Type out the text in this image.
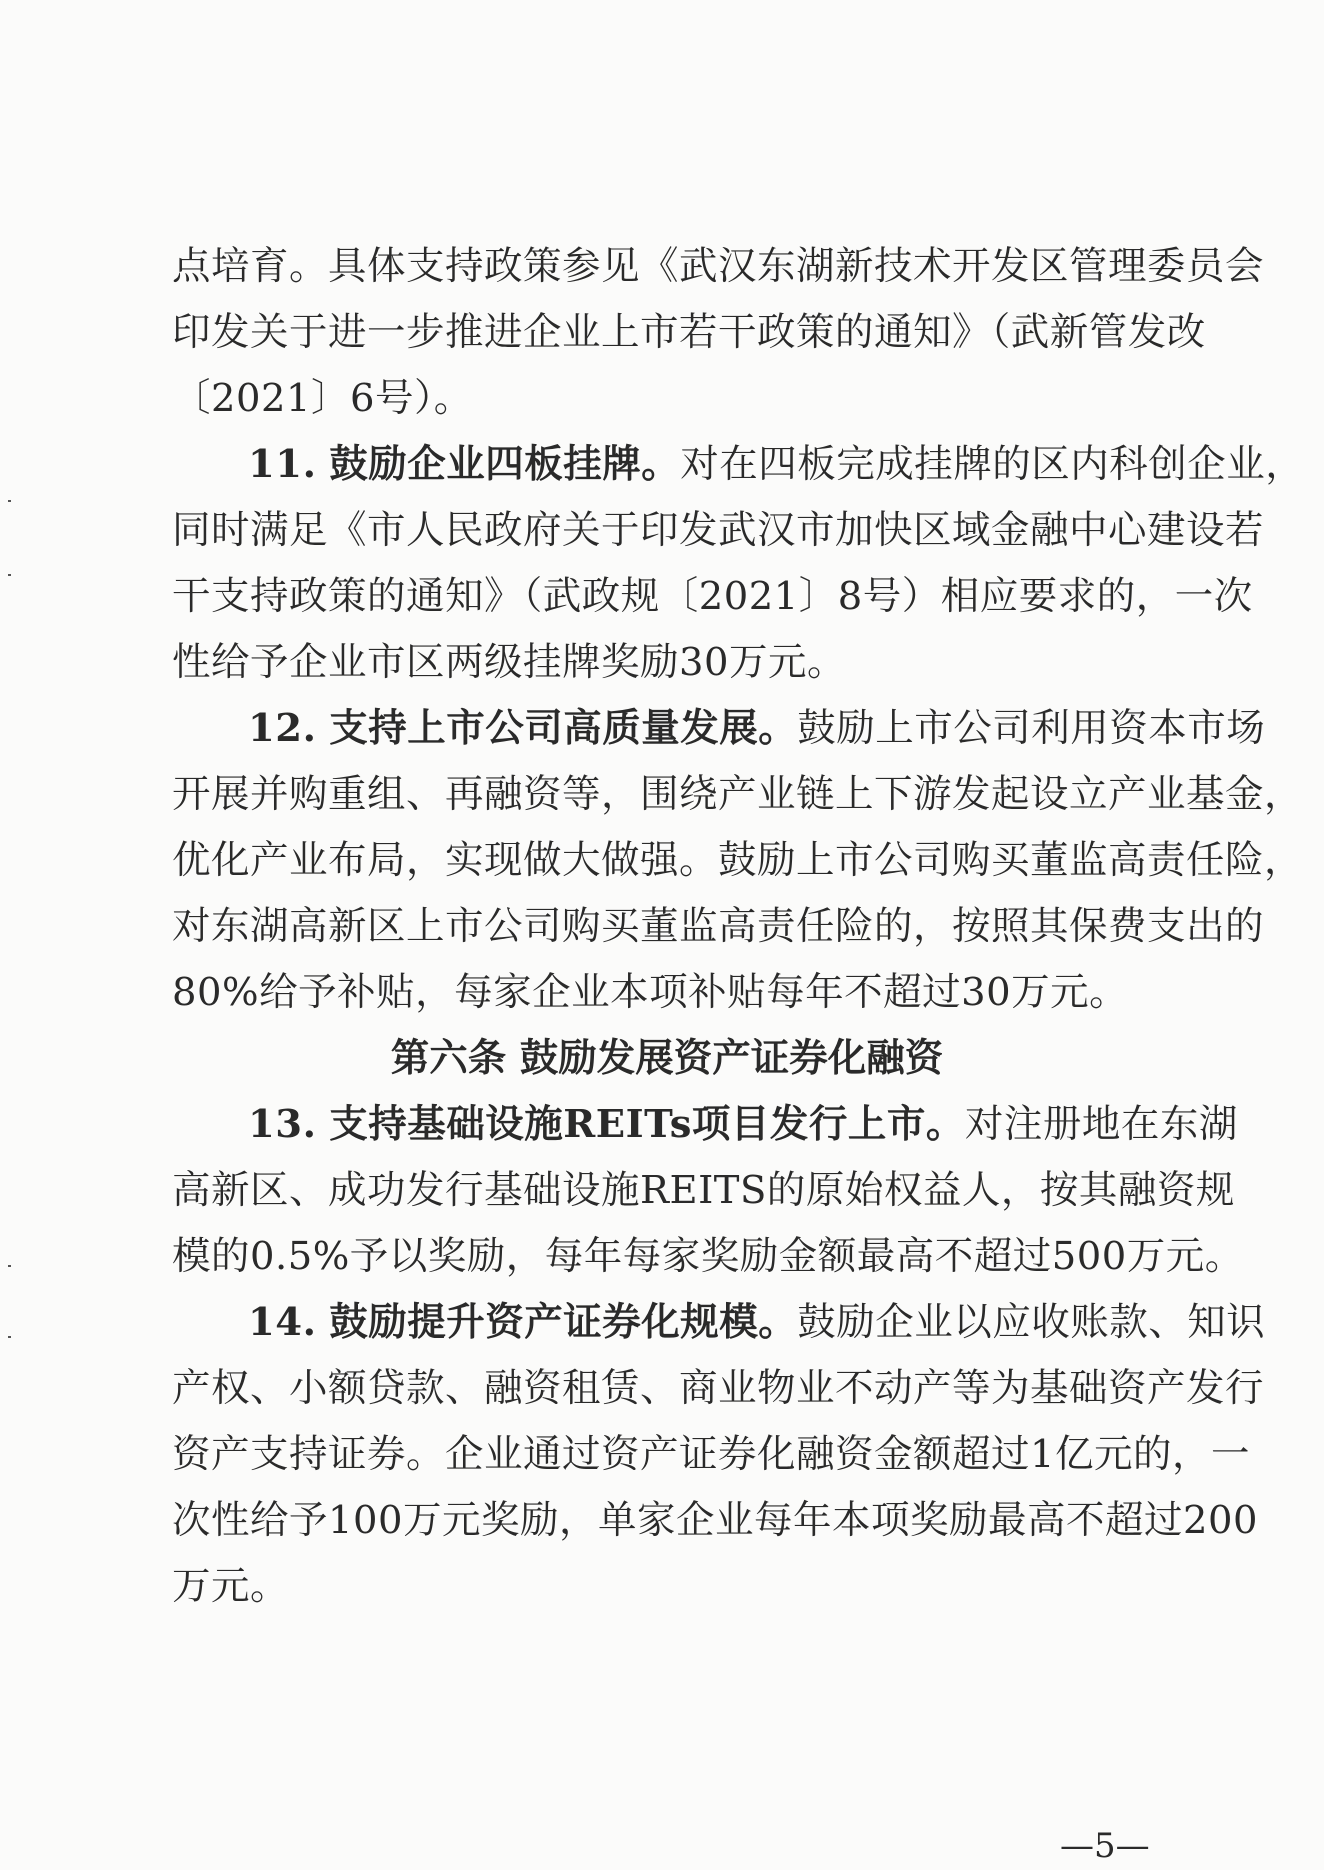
点培育。具体支持政策参见《武汉东湖新技术开发区管理委员会
印发关于进一步推进企业上市若干政策的通知》（武新管发改
〔2021〕6号）。
11. 鼓励企业四板挂牌。对在四板完成挂牌的区内科创企业，
同时满足《市人民政府关于印发武汉市加快区域金融中心建设若
干支持政策的通知》（武政规〔2021〕8号）相应要求的，一次
性给予企业市区两级挂牌奖励30万元。
12. 支持上市公司高质量发展。鼓励上市公司利用资本市场
开展并购重组、再融资等，围绕产业链上下游发起设立产业基金，
优化产业布局，实现做大做强。鼓励上市公司购买董监高责任险，
对东湖高新区上市公司购买董监高责任险的，按照其保费支出的
80%给予补贴，每家企业本项补贴每年不超过30万元。
第六条 鼓励发展资产证券化融资
13. 支持基础设施REITs项目发行上市。对注册地在东湖
高新区、成功发行基础设施REITS的原始权益人，按其融资规
模的0.5%予以奖励，每年每家奖励金额最高不超过500万元。
14. 鼓励提升资产证券化规模。鼓励企业以应收账款、知识
产权、小额贷款、融资租赁、商业物业不动产等为基础资产发行
资产支持证券。企业通过资产证券化融资金额超过1亿元的，一
次性给予100万元奖励，单家企业每年本项奖励最高不超过200
万元。
—5—
